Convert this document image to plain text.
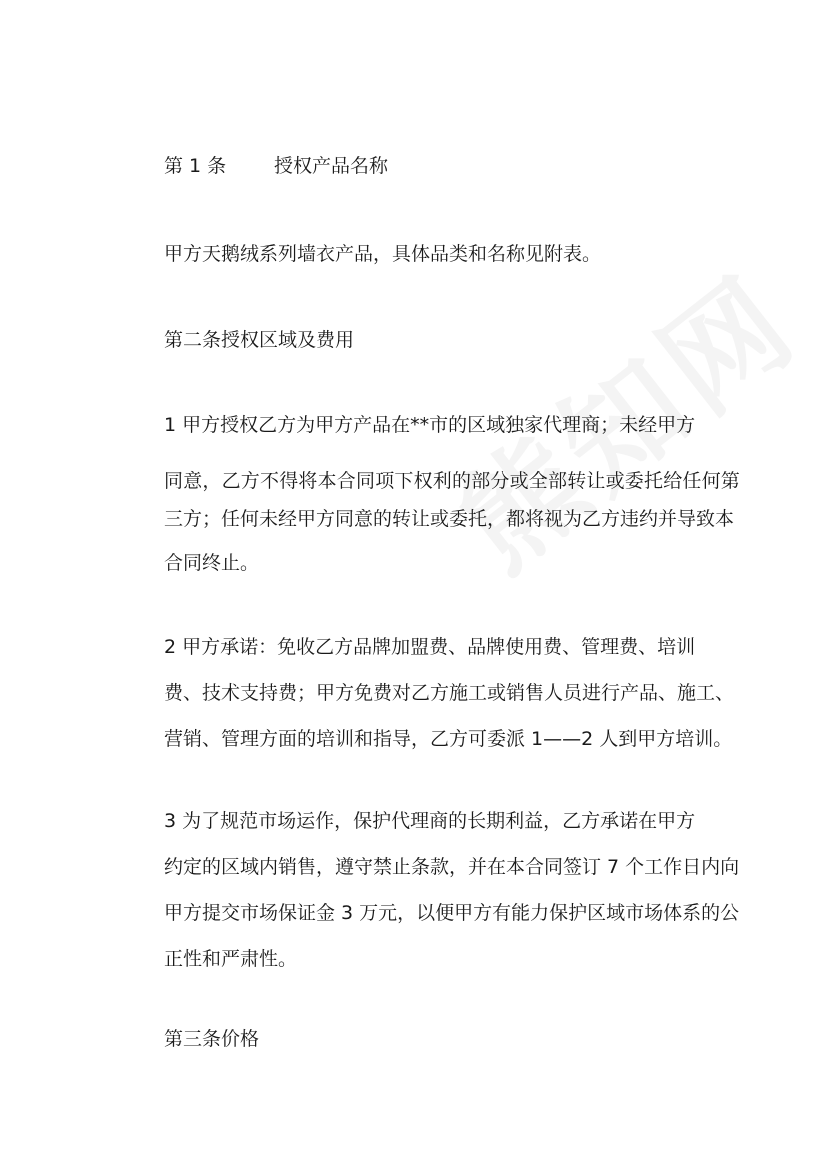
第 1 条	授权产品名称

甲方天鹅绒系列墙衣产品，具体品类和名称见附表。

第二条授权区域及费用

1 甲方授权乙方为甲方产品在**市的区域独家代理商；未经甲方
同意，乙方不得将本合同项下权利的部分或全部转让或委托给任何第
三方；任何未经甲方同意的转让或委托，都将视为乙方违约并导致本
合同终止。
2 甲方承诺：免收乙方品牌加盟费、品牌使用费、管理费、培训
费、技术支持费；甲方免费对乙方施工或销售人员进行产品、施工、
营销、管理方面的培训和指导，乙方可委派 1——2 人到甲方培训。
3 为了规范市场运作，保护代理商的长期利益，乙方承诺在甲方
约定的区域内销售，遵守禁止条款，并在本合同签订 7 个工作日内向
甲方提交市场保证金 3 万元，以便甲方有能力保护区域市场体系的公
正性和严肃性。

第三条价格
